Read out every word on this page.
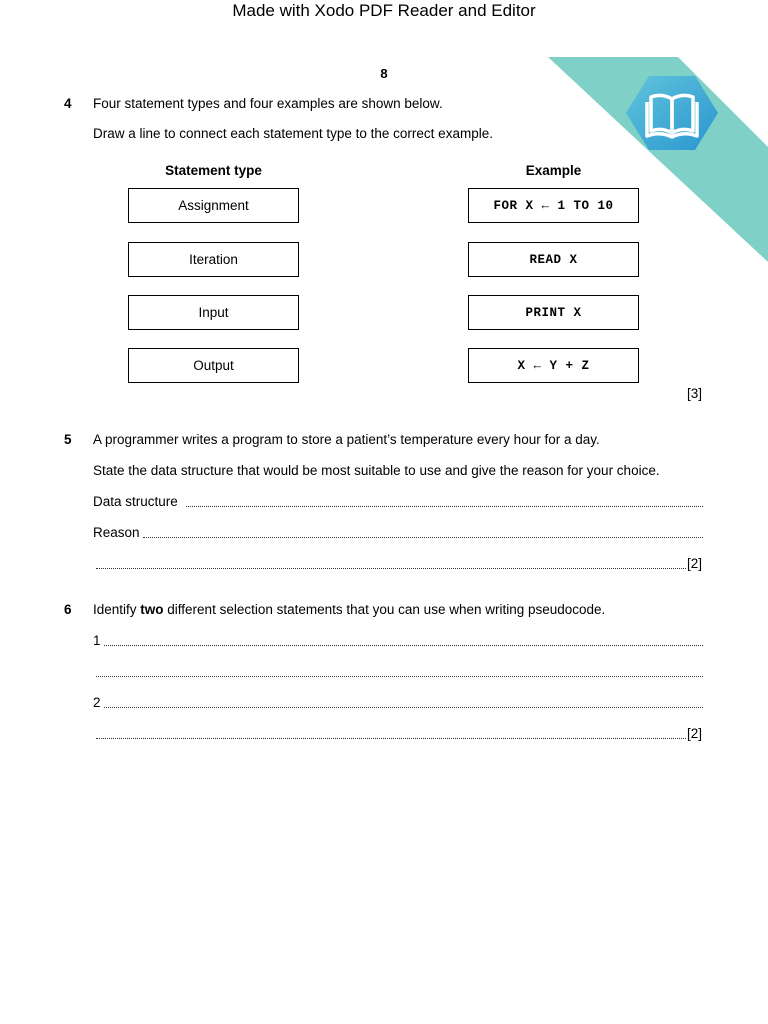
Made with Xodo PDF Reader and Editor
8
4 Four statement types and four examples are shown below.
Draw a line to connect each statement type to the correct example.
Statement type	Example
Assignment
Iteration
Input
Output
FOR X ← 1 TO 10
READ X
PRINT X
X ← Y + Z
[3]
5 A programmer writes a program to store a patient’s temperature every hour for a day.
State the data structure that would be most suitable to use and give the reason for your choice.
Data structure
Reason
[2]
6 Identify two different selection statements that you can use when writing pseudocode.
1
2
[2]
